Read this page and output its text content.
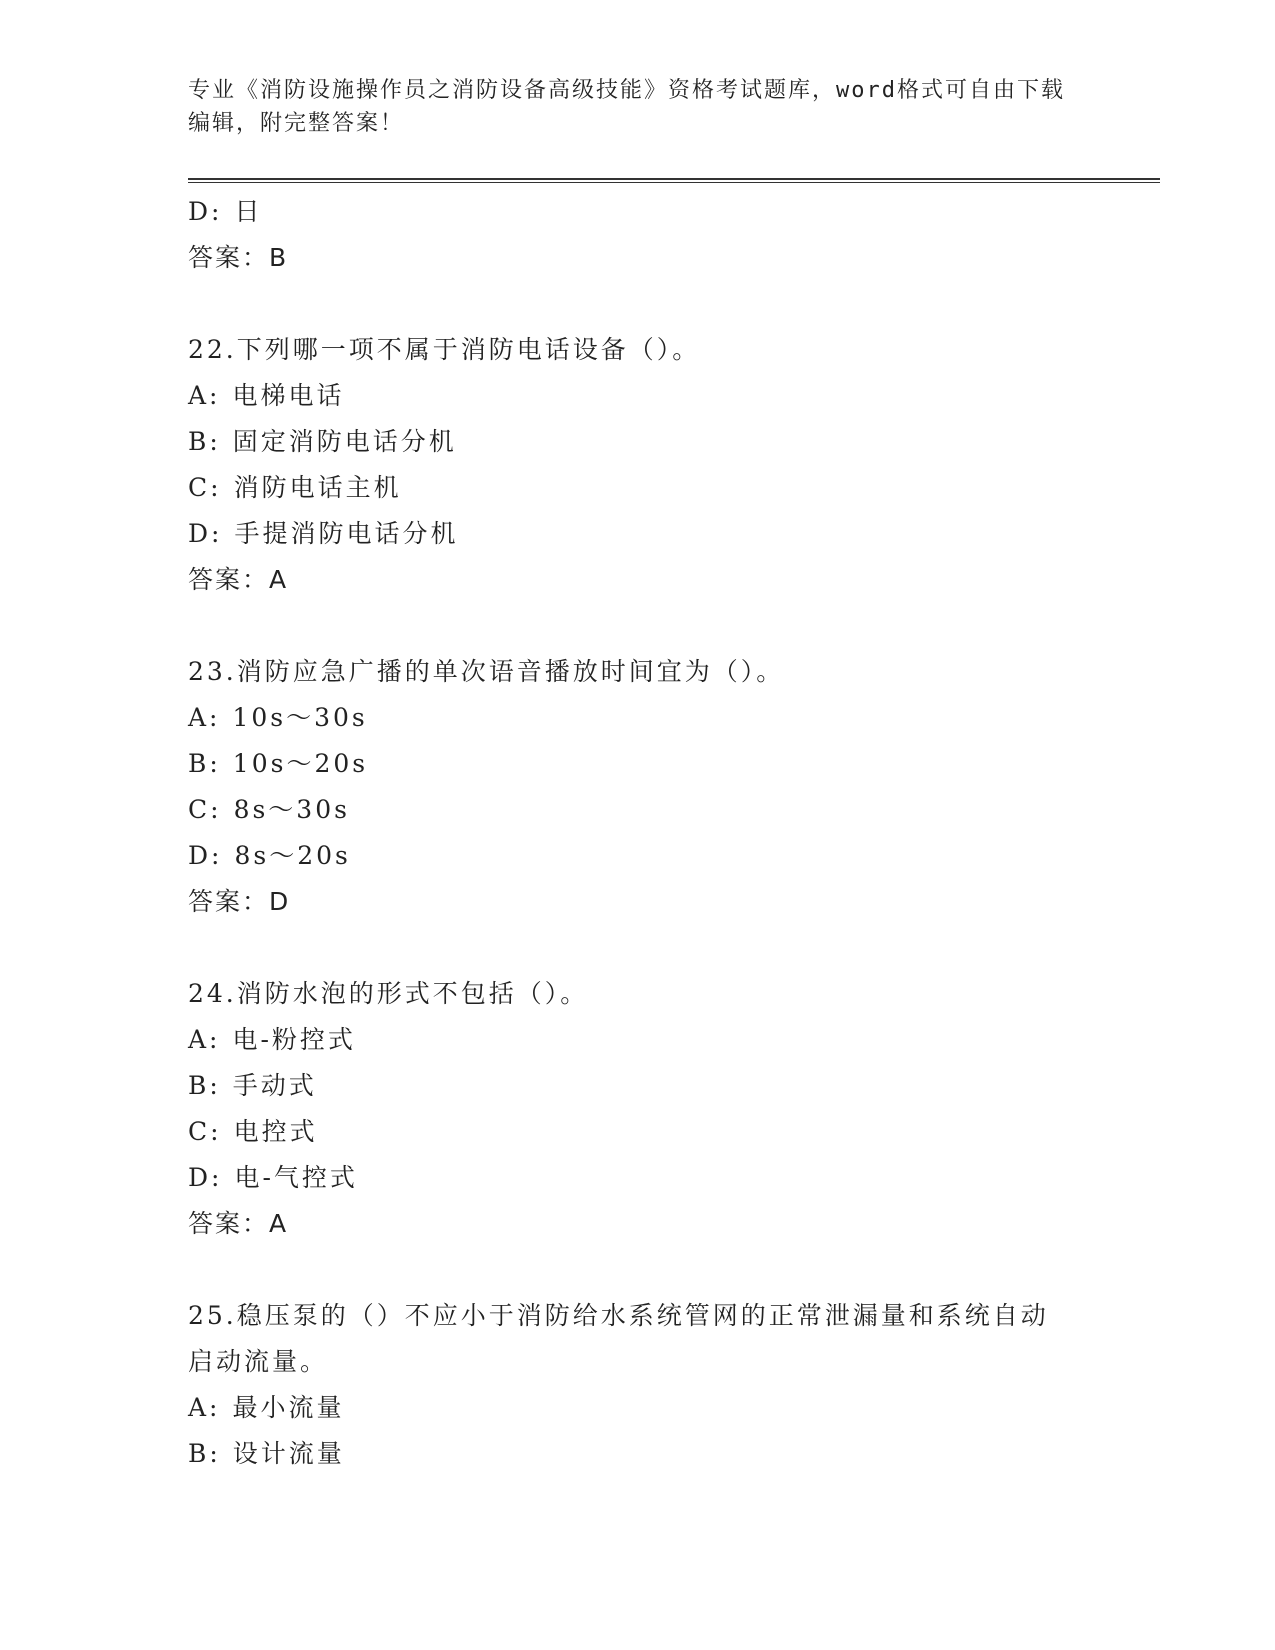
专业《消防设施操作员之消防设备高级技能》资格考试题库，word格式可自由下载编辑，附完整答案！
D: 日
答案：B
22.下列哪一项不属于消防电话设备（）。
A: 电梯电话
B: 固定消防电话分机
C: 消防电话主机
D: 手提消防电话分机
答案：A
23.消防应急广播的单次语音播放时间宜为（）。
A: 10s～30s
B: 10s～20s
C: 8s～30s
D: 8s～20s
答案：D
24.消防水泡的形式不包括（）。
A: 电-粉控式
B: 手动式
C: 电控式
D: 电-气控式
答案：A
25.稳压泵的（）不应小于消防给水系统管网的正常泄漏量和系统自动启动流量。
A: 最小流量
B: 设计流量
